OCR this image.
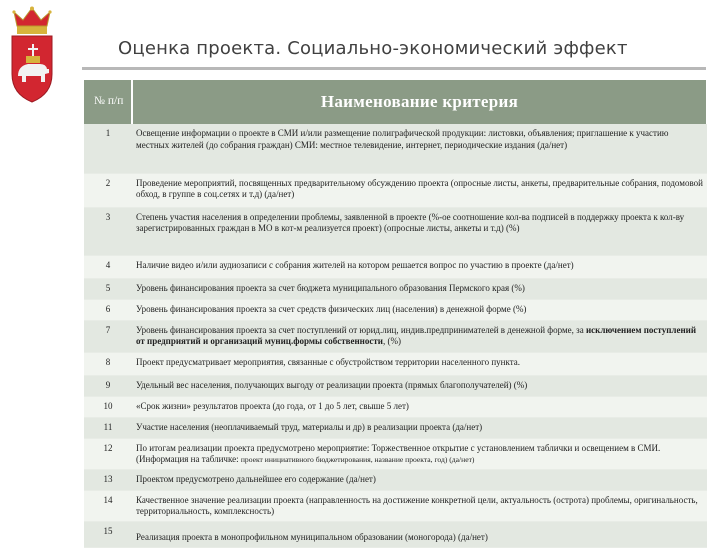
Оценка проекта. Социально-экономический эффект
№ п/п	Наименование критерия
1	Освещение информации о проекте в СМИ и/или размещение полиграфической продукции: листовки, объявления; приглашение к участию местных жителей (до собрания граждан) СМИ: местное телевидение, интернет, периодические издания (да/нет)
2	Проведение мероприятий, посвященных предварительному обсуждению проекта (опросные листы, анкеты, предварительные собрания, подомовой обход, в группе в соц.сетях и т.д) (да/нет)
3	Степень участия населения в определении проблемы, заявленной в проекте (%-ое соотношение кол-ва подписей в поддержку проекта к кол-ву зарегистрированных граждан в МО в кот-м реализуется проект) (опросные листы, анкеты и т.д) (%)
4	Наличие видео и/или аудиозаписи с собрания жителей на котором решается вопрос по участию в проекте (да/нет)
5	Уровень финансирования проекта за счет бюджета муниципального образования Пермского края (%)
6	Уровень финансирования проекта за счет средств физических лиц (населения) в денежной форме (%)
7	Уровень финансирования проекта за счет поступлений от юрид.лиц, индив.предпринимателей в денежной форме, за исключением поступлений от предприятий и организаций муниц.формы собственности, (%)
8	Проект предусматривает мероприятия, связанные с обустройством территории населенного пункта.
9	Удельный вес населения, получающих выгоду от реализации проекта (прямых благополучателей) (%)
10	«Срок жизни» результатов проекта (до года, от 1 до 5 лет, свыше 5 лет)
11	Участие населения (неоплачиваемый труд, материалы и др) в реализации проекта (да/нет)
12	По итогам реализации проекта предусмотрено мероприятие: Торжественное открытие с установлением таблички и освещением в СМИ. (Информация на табличке: проект инициативного бюджетирования, название проекта, год) (да/нет)
13	Проектом предусмотрено дальнейшее его содержание (да/нет)
14	Качественное значение реализации проекта (направленность на достижение конкретной цели, актуальность (острота) проблемы, оригинальность, территориальность, комплексность)
15	Реализация проекта в монопрофильном муниципальном образовании (моногорода) (да/нет)
